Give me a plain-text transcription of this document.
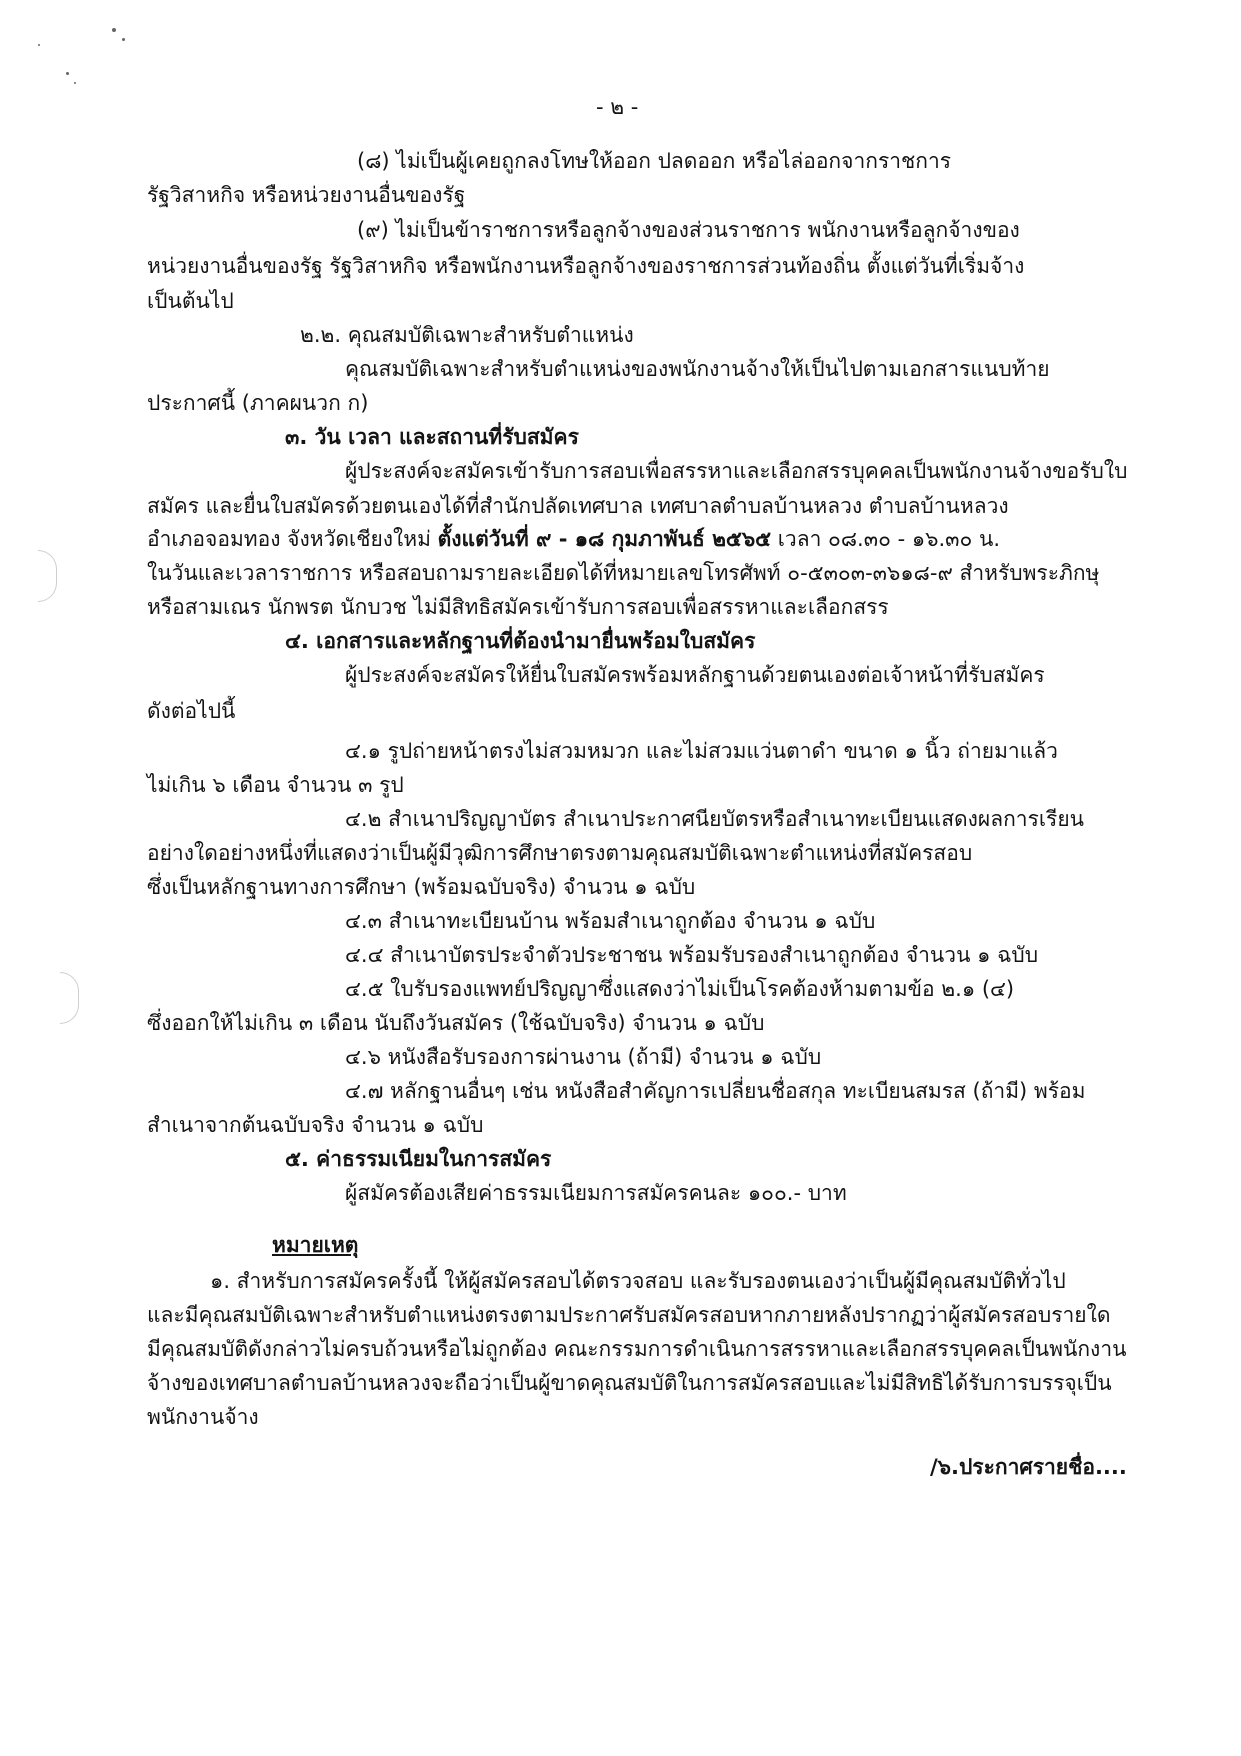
- ๒ -
(๘) ไม่เป็นผู้เคยถูกลงโทษให้ออก ปลดออก หรือไล่ออกจากราชการ
รัฐวิสาหกิจ หรือหน่วยงานอื่นของรัฐ
(๙) ไม่เป็นข้าราชการหรือลูกจ้างของส่วนราชการ พนักงานหรือลูกจ้างของ
หน่วยงานอื่นของรัฐ รัฐวิสาหกิจ หรือพนักงานหรือลูกจ้างของราชการส่วนท้องถิ่น ตั้งแต่วันที่เริ่มจ้าง
เป็นต้นไป
๒.๒. คุณสมบัติเฉพาะสำหรับตำแหน่ง
คุณสมบัติเฉพาะสำหรับตำแหน่งของพนักงานจ้างให้เป็นไปตามเอกสารแนบท้าย
ประกาศนี้ (ภาคผนวก ก)
๓. วัน เวลา และสถานที่รับสมัคร
ผู้ประสงค์จะสมัครเข้ารับการสอบเพื่อสรรหาและเลือกสรรบุคคลเป็นพนักงานจ้างขอรับใบ
สมัคร และยื่นใบสมัครด้วยตนเองได้ที่สำนักปลัดเทศบาล เทศบาลตำบลบ้านหลวง ตำบลบ้านหลวง
อำเภอจอมทอง จังหวัดเชียงใหม่ ตั้งแต่วันที่ ๙ - ๑๘ กุมภาพันธ์ ๒๕๖๕ เวลา ๐๘.๓๐ - ๑๖.๓๐ น.
ในวันและเวลาราชการ หรือสอบถามรายละเอียดได้ที่หมายเลขโทรศัพท์ ๐-๕๓๐๓-๓๖๑๘-๙ สำหรับพระภิกษุ
หรือสามเณร นักพรต นักบวช ไม่มีสิทธิสมัครเข้ารับการสอบเพื่อสรรหาและเลือกสรร
๔. เอกสารและหลักฐานที่ต้องนำมายื่นพร้อมใบสมัคร
ผู้ประสงค์จะสมัครให้ยื่นใบสมัครพร้อมหลักฐานด้วยตนเองต่อเจ้าหน้าที่รับสมัคร
ดังต่อไปนี้
๔.๑ รูปถ่ายหน้าตรงไม่สวมหมวก และไม่สวมแว่นตาดำ ขนาด ๑ นิ้ว ถ่ายมาแล้ว
ไม่เกิน ๖ เดือน จำนวน ๓ รูป
๔.๒ สำเนาปริญญาบัตร สำเนาประกาศนียบัตรหรือสำเนาทะเบียนแสดงผลการเรียน
อย่างใดอย่างหนึ่งที่แสดงว่าเป็นผู้มีวุฒิการศึกษาตรงตามคุณสมบัติเฉพาะตำแหน่งที่สมัครสอบ
ซึ่งเป็นหลักฐานทางการศึกษา (พร้อมฉบับจริง) จำนวน ๑ ฉบับ
๔.๓ สำเนาทะเบียนบ้าน พร้อมสำเนาถูกต้อง จำนวน ๑ ฉบับ
๔.๔ สำเนาบัตรประจำตัวประชาชน พร้อมรับรองสำเนาถูกต้อง จำนวน ๑ ฉบับ
๔.๕ ใบรับรองแพทย์ปริญญาซึ่งแสดงว่าไม่เป็นโรคต้องห้ามตามข้อ ๒.๑ (๔)
ซึ่งออกให้ไม่เกิน ๓ เดือน นับถึงวันสมัคร (ใช้ฉบับจริง) จำนวน ๑ ฉบับ
๔.๖ หนังสือรับรองการผ่านงาน (ถ้ามี) จำนวน ๑ ฉบับ
๔.๗ หลักฐานอื่นๆ เช่น หนังสือสำคัญการเปลี่ยนชื่อสกุล ทะเบียนสมรส (ถ้ามี) พร้อม
สำเนาจากต้นฉบับจริง จำนวน ๑ ฉบับ
๕. ค่าธรรมเนียมในการสมัคร
ผู้สมัครต้องเสียค่าธรรมเนียมการสมัครคนละ ๑๐๐.- บาท
หมายเหตุ
๑. สำหรับการสมัครครั้งนี้ ให้ผู้สมัครสอบได้ตรวจสอบ และรับรองตนเองว่าเป็นผู้มีคุณสมบัติทั่วไป
และมีคุณสมบัติเฉพาะสำหรับตำแหน่งตรงตามประกาศรับสมัครสอบหากภายหลังปรากฏว่าผู้สมัครสอบรายใด
มีคุณสมบัติดังกล่าวไม่ครบถ้วนหรือไม่ถูกต้อง คณะกรรมการดำเนินการสรรหาและเลือกสรรบุคคลเป็นพนักงาน
จ้างของเทศบาลตำบลบ้านหลวงจะถือว่าเป็นผู้ขาดคุณสมบัติในการสมัครสอบและไม่มีสิทธิได้รับการบรรจุเป็น
พนักงานจ้าง
/๖.ประกาศรายชื่อ....
